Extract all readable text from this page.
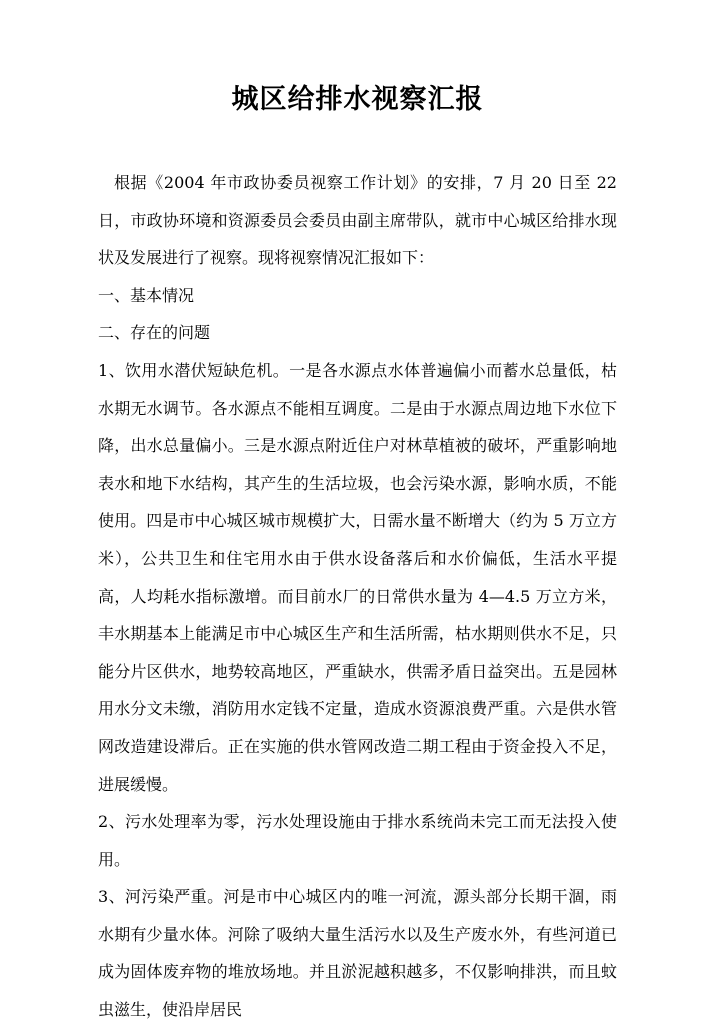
城区给排水视察汇报

根据《2004 年市政协委员视察工作计划》的安排，7 月 20 日至 22 日，市政协环境和资源委员会委员由副主席带队，就市中心城区给排水现状及发展进行了视察。现将视察情况汇报如下：

一、基本情况

二、存在的问题

1、饮用水潜伏短缺危机。一是各水源点水体普遍偏小而蓄水总量低，枯水期无水调节。各水源点不能相互调度。二是由于水源点周边地下水位下降，出水总量偏小。三是水源点附近住户对林草植被的破坏，严重影响地表水和地下水结构，其产生的生活垃圾，也会污染水源，影响水质，不能使用。四是市中心城区城市规模扩大，日需水量不断增大（约为 5 万立方米），公共卫生和住宅用水由于供水设备落后和水价偏低，生活水平提高，人均耗水指标激增。而目前水厂的日常供水量为 4—4.5 万立方米，丰水期基本上能满足市中心城区生产和生活所需，枯水期则供水不足，只能分片区供水，地势较高地区，严重缺水，供需矛盾日益突出。五是园林用水分文未缴，消防用水定钱不定量，造成水资源浪费严重。六是供水管网改造建设滞后。正在实施的供水管网改造二期工程由于资金投入不足，进展缓慢。

2、污水处理率为零，污水处理设施由于排水系统尚未完工而无法投入使用。

3、河污染严重。河是市中心城区内的唯一河流，源头部分长期干涸，雨水期有少量水体。河除了吸纳大量生活污水以及生产废水外，有些河道已成为固体废弃物的堆放场地。并且淤泥越积越多，不仅影响排洪，而且蚊虫滋生，使沿岸居民
